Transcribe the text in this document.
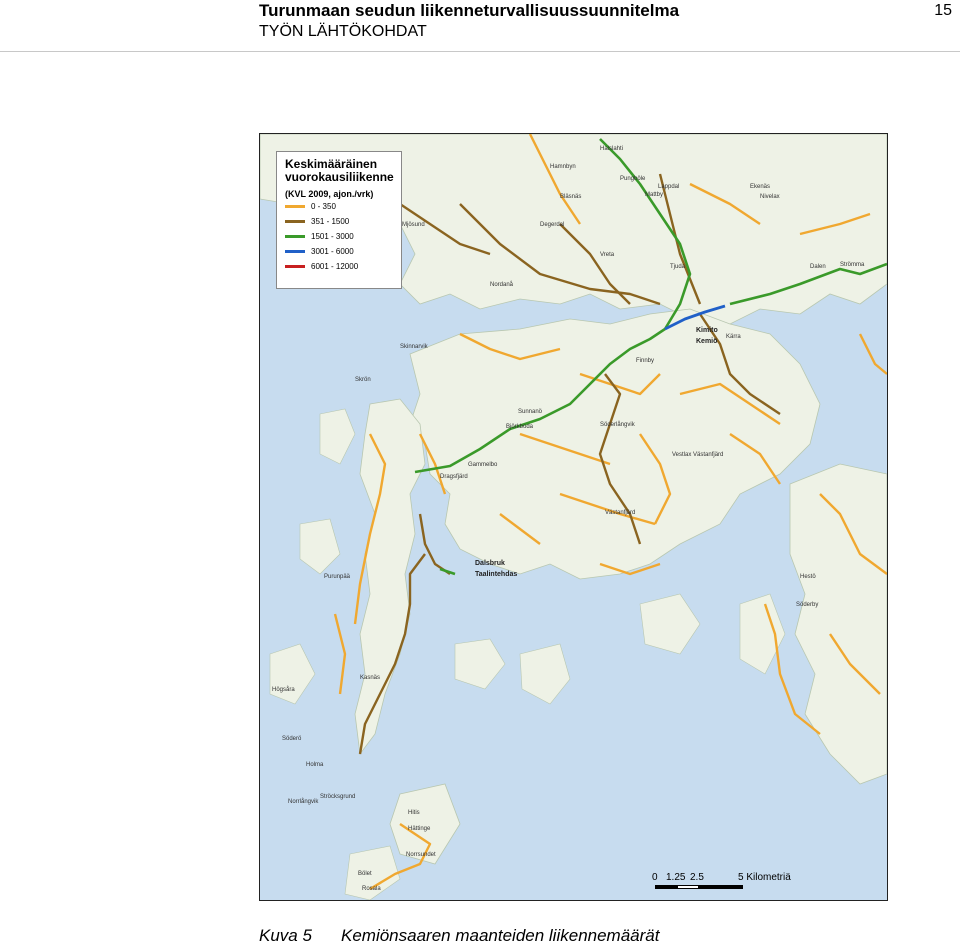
Turunmaan seudun liikenneturvallisuussuunnitelma
TYÖN LÄHTÖKOHDAT
15
Keskimääräinen
vuorokausiliikenne
(KVL 2009, ajon./vrk)
0 - 350
351 - 1500
1501 - 3000
3001 - 6000
6001 - 12000
Vestlax Västanfjärd
Högsåra
Söderö
Ströcksgrund
Hitis
Hättinge
Rosala
Bölet
Norrsundet
Taalintehdas
Dalsbruk
Dragsfjärd
Kemiö
Kimito
Kasnäs
Västanfjärd
Björkboda
Sunnanö
Degerdal
Pungböle
Lappdal
Tjuda	Dalen Strömma
Söderby
Purunpää
Holma
Hestö
Norrlångvik
Mattby
Finnby
Ekenäs
Nivelax
Skinnarvik
Skrön
Söderlångvik
Kärra
Gammelbo
Nordanå
Mjösund
Bläsnäs
Hamnbyn
Vreta
Halslahti
0 1.25 2.5	5 Kilometriä
Kuva 5 Kemiönsaaren maanteiden liikennemäärät
